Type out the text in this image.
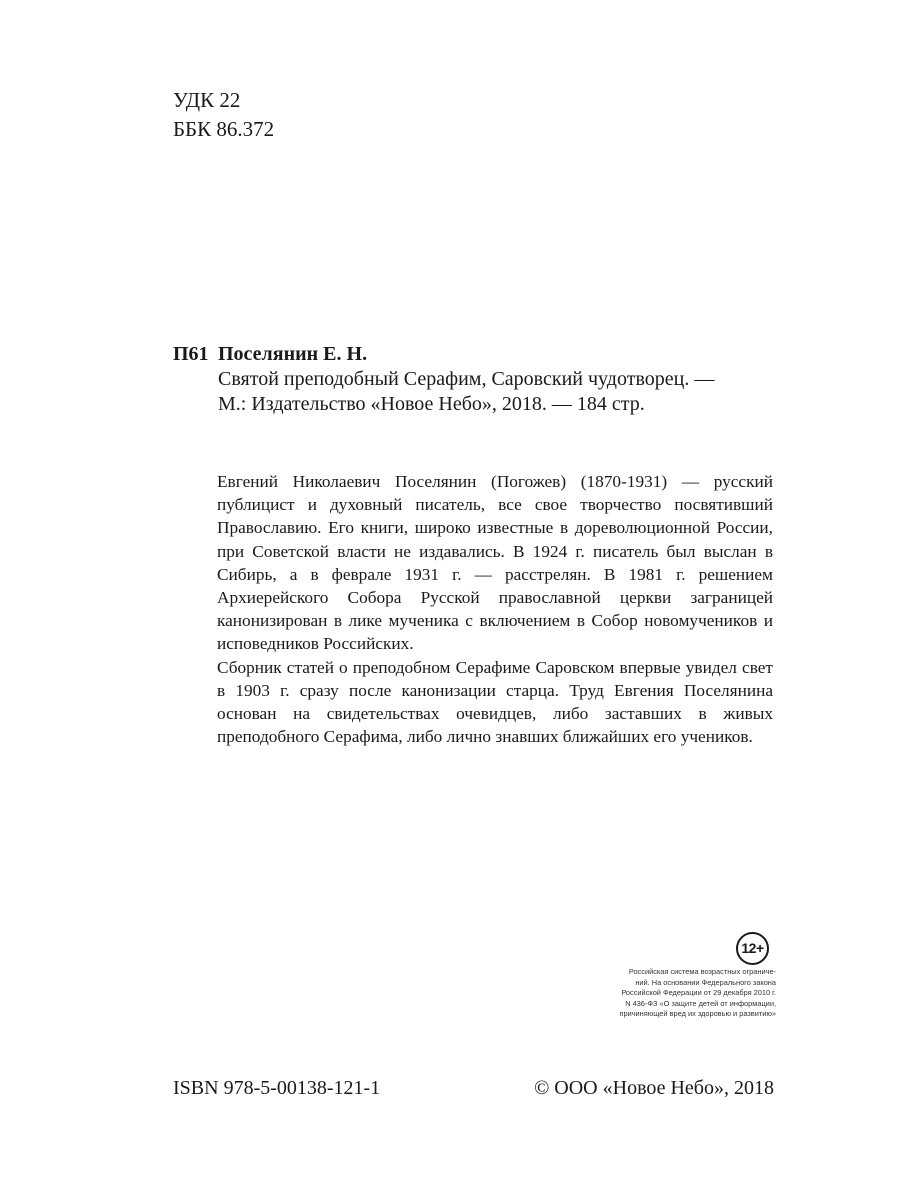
УДК 22
ББК 86.372
П61 Поселянин Е. Н.
Святой преподобный Серафим, Саровский чудотворец. —
М.: Издательство «Новое Небо», 2018. — 184 стр.

Евгений Николаевич Поселянин (Погожев) (1870-1931) — русский публицист и духовный писатель, все свое творчество посвятивший Православию. Его книги, широко известные в дореволюционной России, при Советской власти не издавались. В 1924 г. писатель был выслан в Сибирь, а в феврале 1931 г. — расстрелян. В 1981 г. решением Архиерейского Собора Русской православной церкви заграницей канонизирован в лике мученика с включением в Собор новомучеников и исповедников Российских.

Сборник статей о преподобном Серафиме Саровском впервые увидел свет в 1903 г. сразу после канонизации старца. Труд Евгения Поселянина основан на свидетельствах очевидцев, либо заставших в живых преподобного Серафима, либо лично знавших ближайших его учеников.

12+
Российская система возрастных ограниче-
ний. На основании Федерального закона
Российской Федерации от 29 декабря 2010 г.
N 436-ФЗ «О защите детей от информации,
причиняющей вред их здоровью и развитию»
ISBN 978-5-00138-121-1	© ООО «Новое Небо», 2018
